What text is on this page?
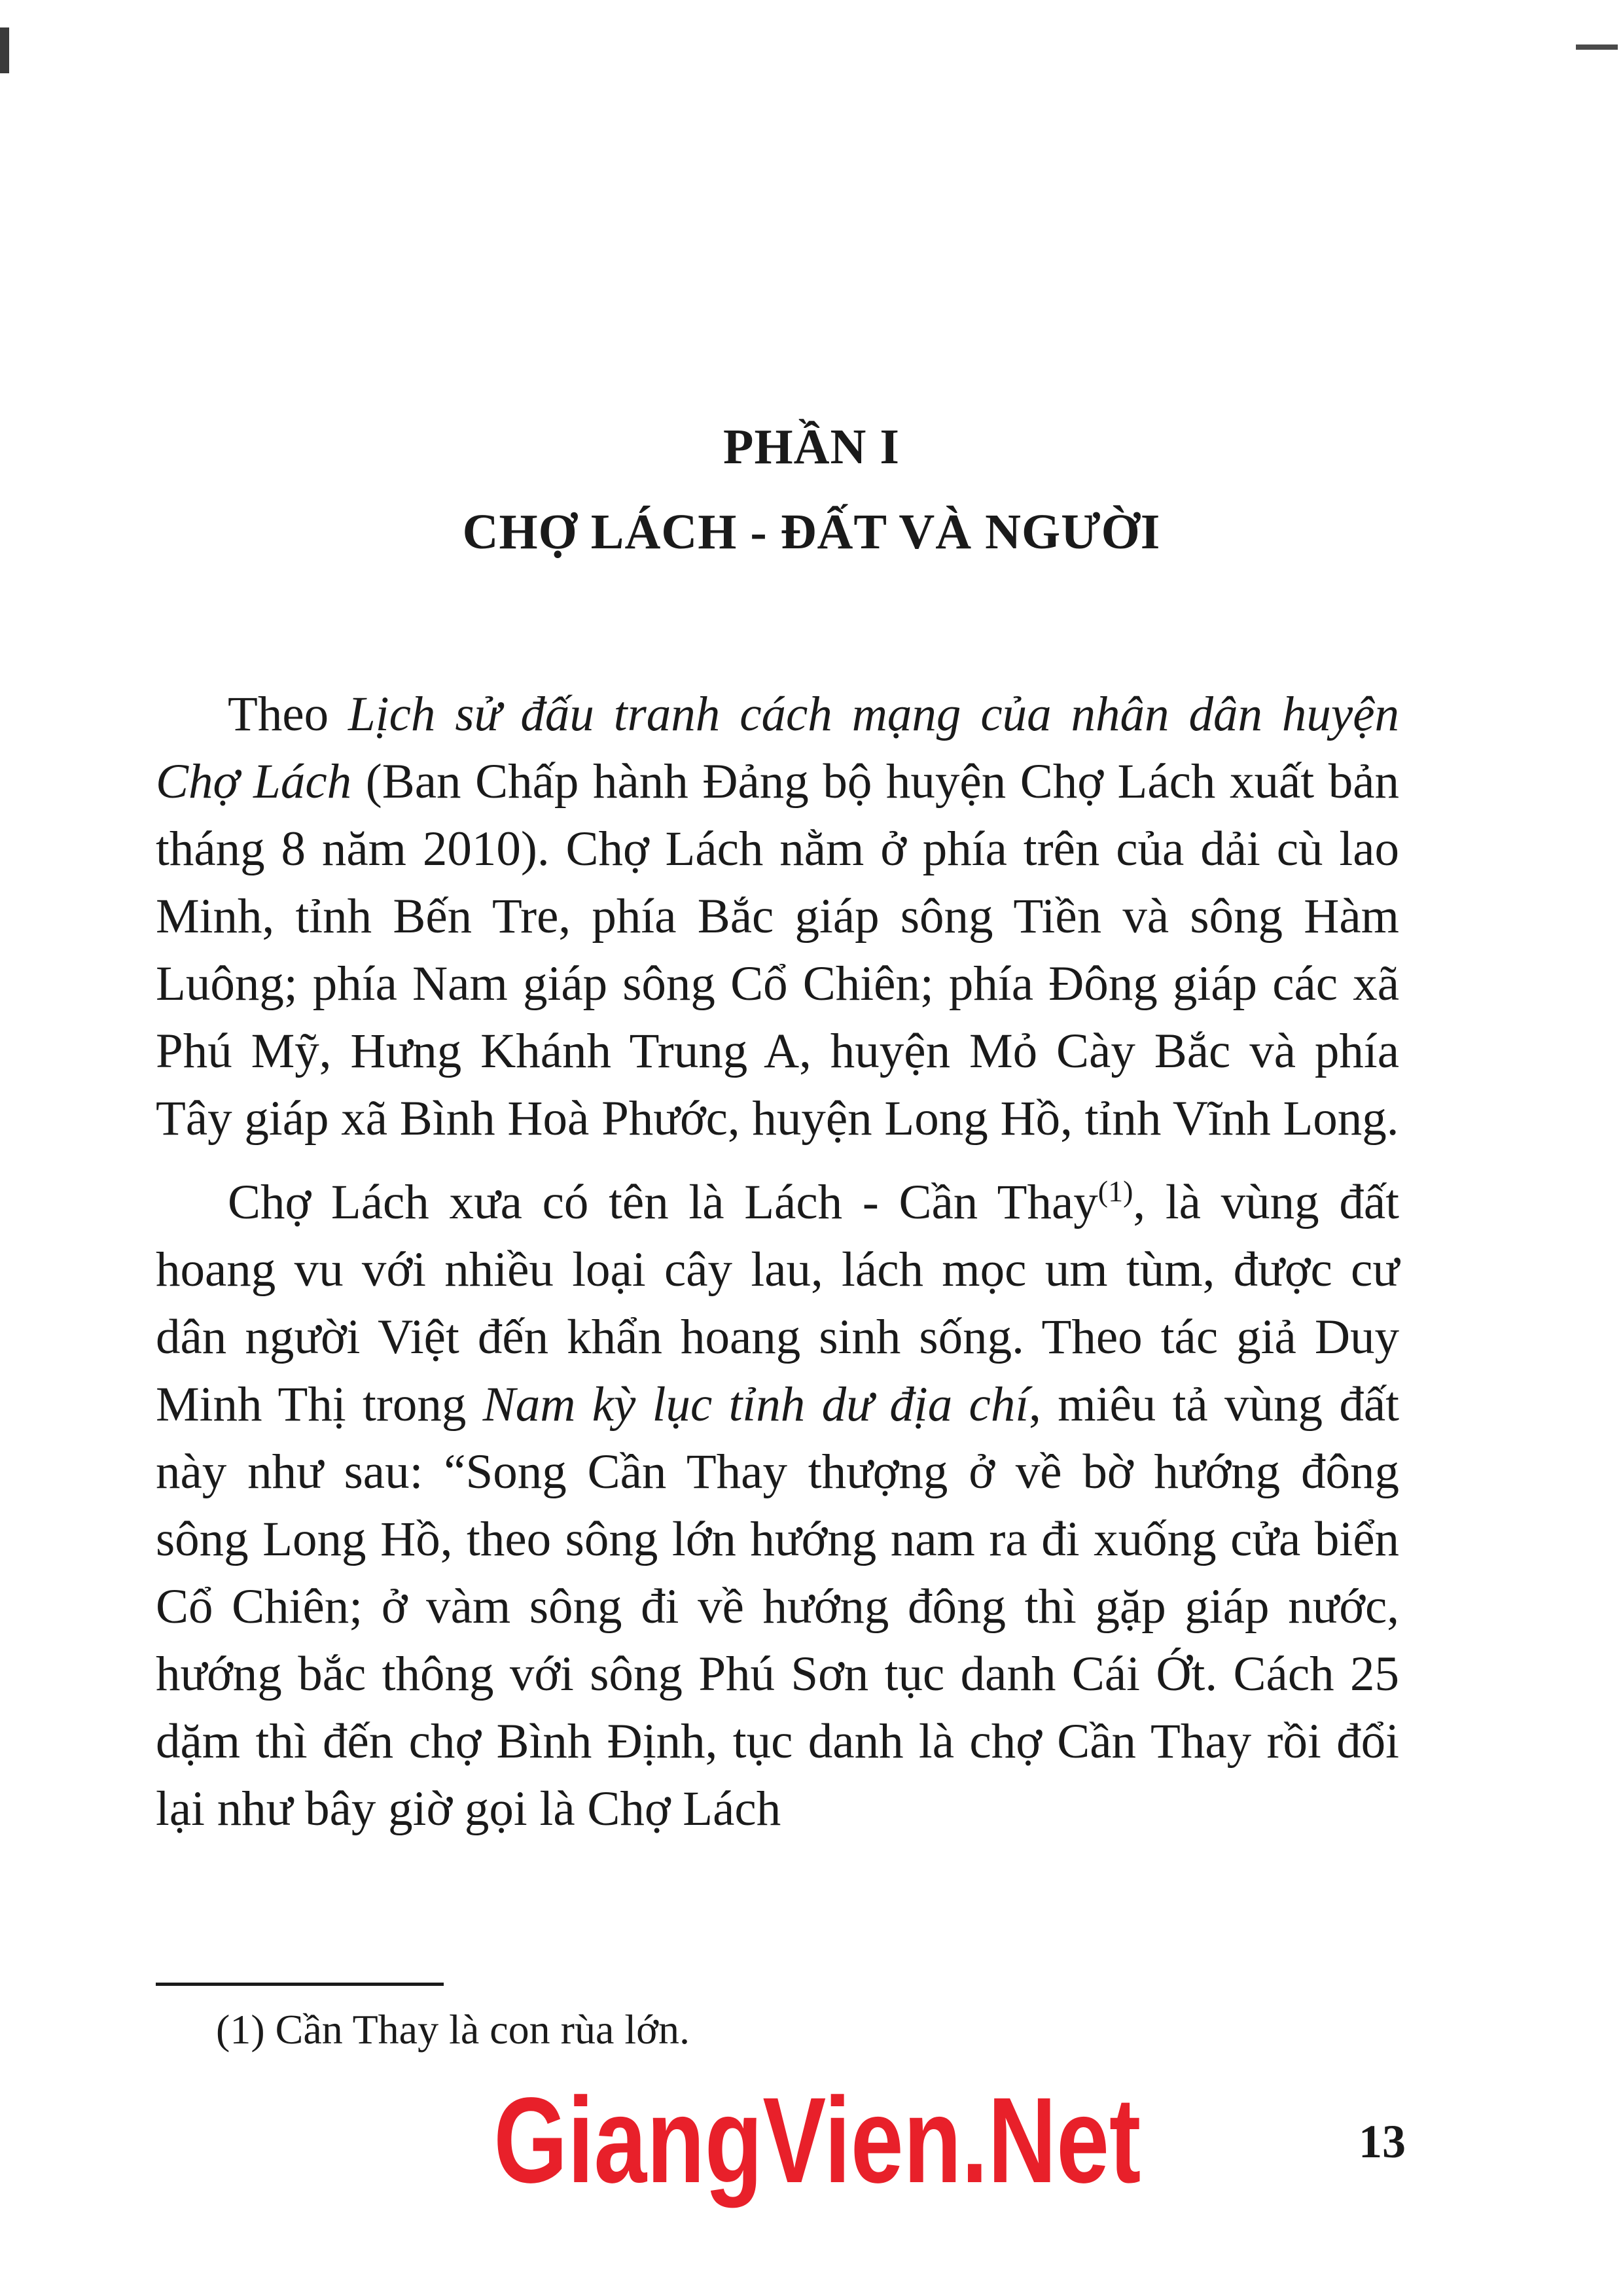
PHẦN I
CHỢ LÁCH - ĐẤT VÀ NGƯỜI

Theo Lịch sử đấu tranh cách mạng của nhân dân huyện Chợ Lách (Ban Chấp hành Đảng bộ huyện Chợ Lách xuất bản tháng 8 năm 2010). Chợ Lách nằm ở phía trên của dải cù lao Minh, tỉnh Bến Tre, phía Bắc giáp sông Tiền và sông Hàm Luông; phía Nam giáp sông Cổ Chiên; phía Đông giáp các xã Phú Mỹ, Hưng Khánh Trung A, huyện Mỏ Cày Bắc và phía Tây giáp xã Bình Hoà Phước, huyện Long Hồ, tỉnh Vĩnh Long.

Chợ Lách xưa có tên là Lách - Cần Thay$^{(1)}$, là vùng đất hoang vu với nhiều loại cây lau, lách mọc um tùm, được cư dân người Việt đến khẩn hoang sinh sống. Theo tác giả Duy Minh Thị trong Nam kỳ lục tỉnh dư địa chí, miêu tả vùng đất này như sau: “Song Cần Thay thượng ở về bờ hướng đông sông Long Hồ, theo sông lớn hướng nam ra đi xuống cửa biển Cổ Chiên; ở vàm sông đi về hướng đông thì gặp giáp nước, hướng bắc thông với sông Phú Sơn tục danh Cái Ớt. Cách 25 dặm thì đến chợ Bình Định, tục danh là chợ Cần Thay rồi đổi lại như bây giờ gọi là Chợ Lách

(1) Cần Thay là con rùa lớn.
GiangVien.Net	13
